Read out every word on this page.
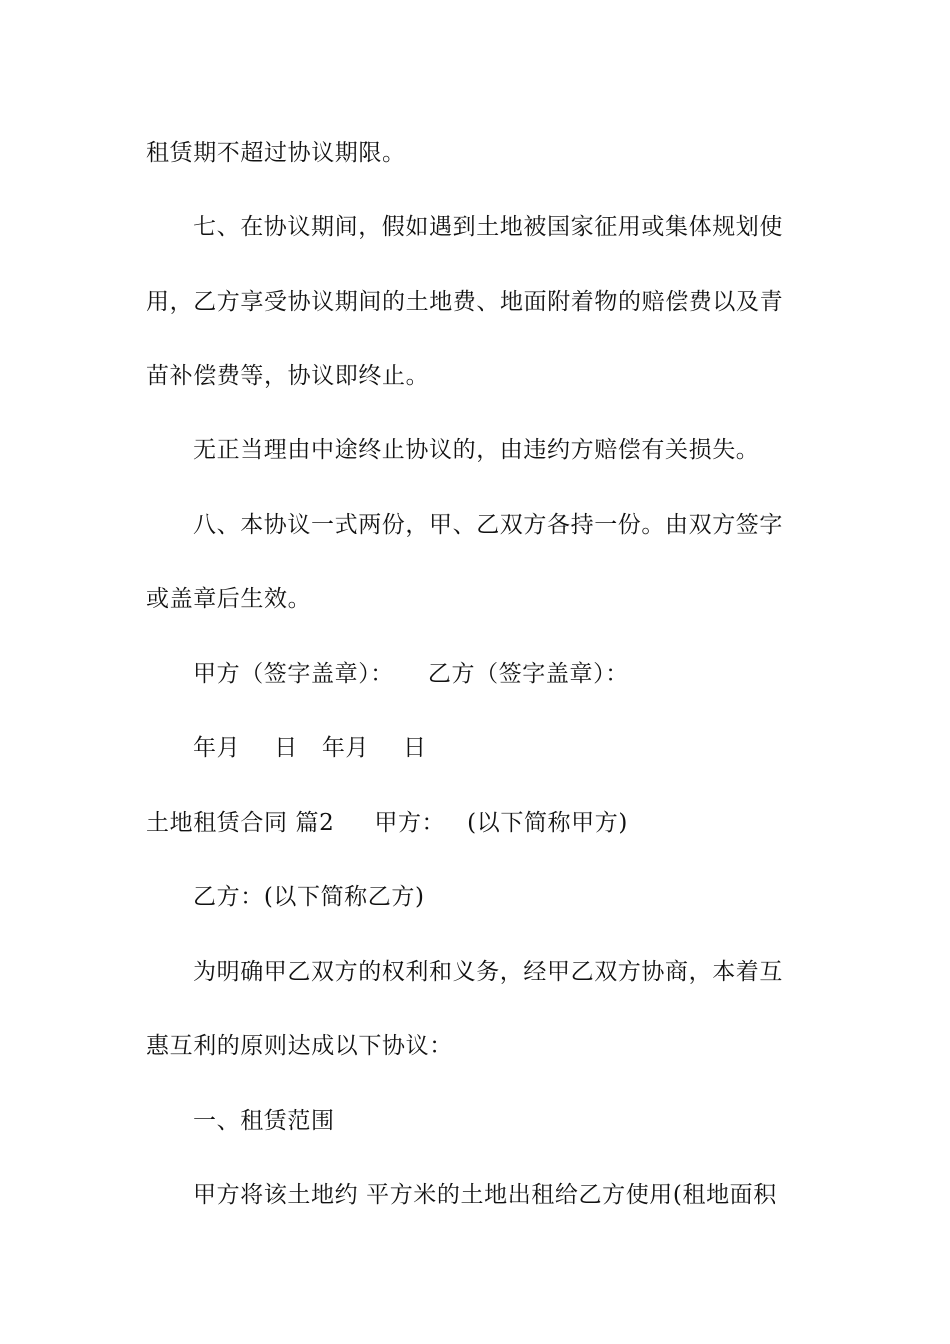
租赁期不超过协议期限。
七、在协议期间，假如遇到土地被国家征用或集体规划使
用，乙方享受协议期间的土地费、地面附着物的赔偿费以及青
苗补偿费等，协议即终止。
无正当理由中途终止协议的，由违约方赔偿有关损失。
八、本协议一式两份，甲、乙双方各持一份。由双方签字
或盖章后生效。
甲方（签字盖章）： 乙方（签字盖章）：
年月 日 年月 日
土地租赁合同 篇2 甲方： (以下简称甲方)
乙方：(以下简称乙方)
为明确甲乙双方的权利和义务，经甲乙双方协商，本着互
惠互利的原则达成以下协议：
一、租赁范围
甲方将该土地约 平方米的土地出租给乙方使用(租地面积
